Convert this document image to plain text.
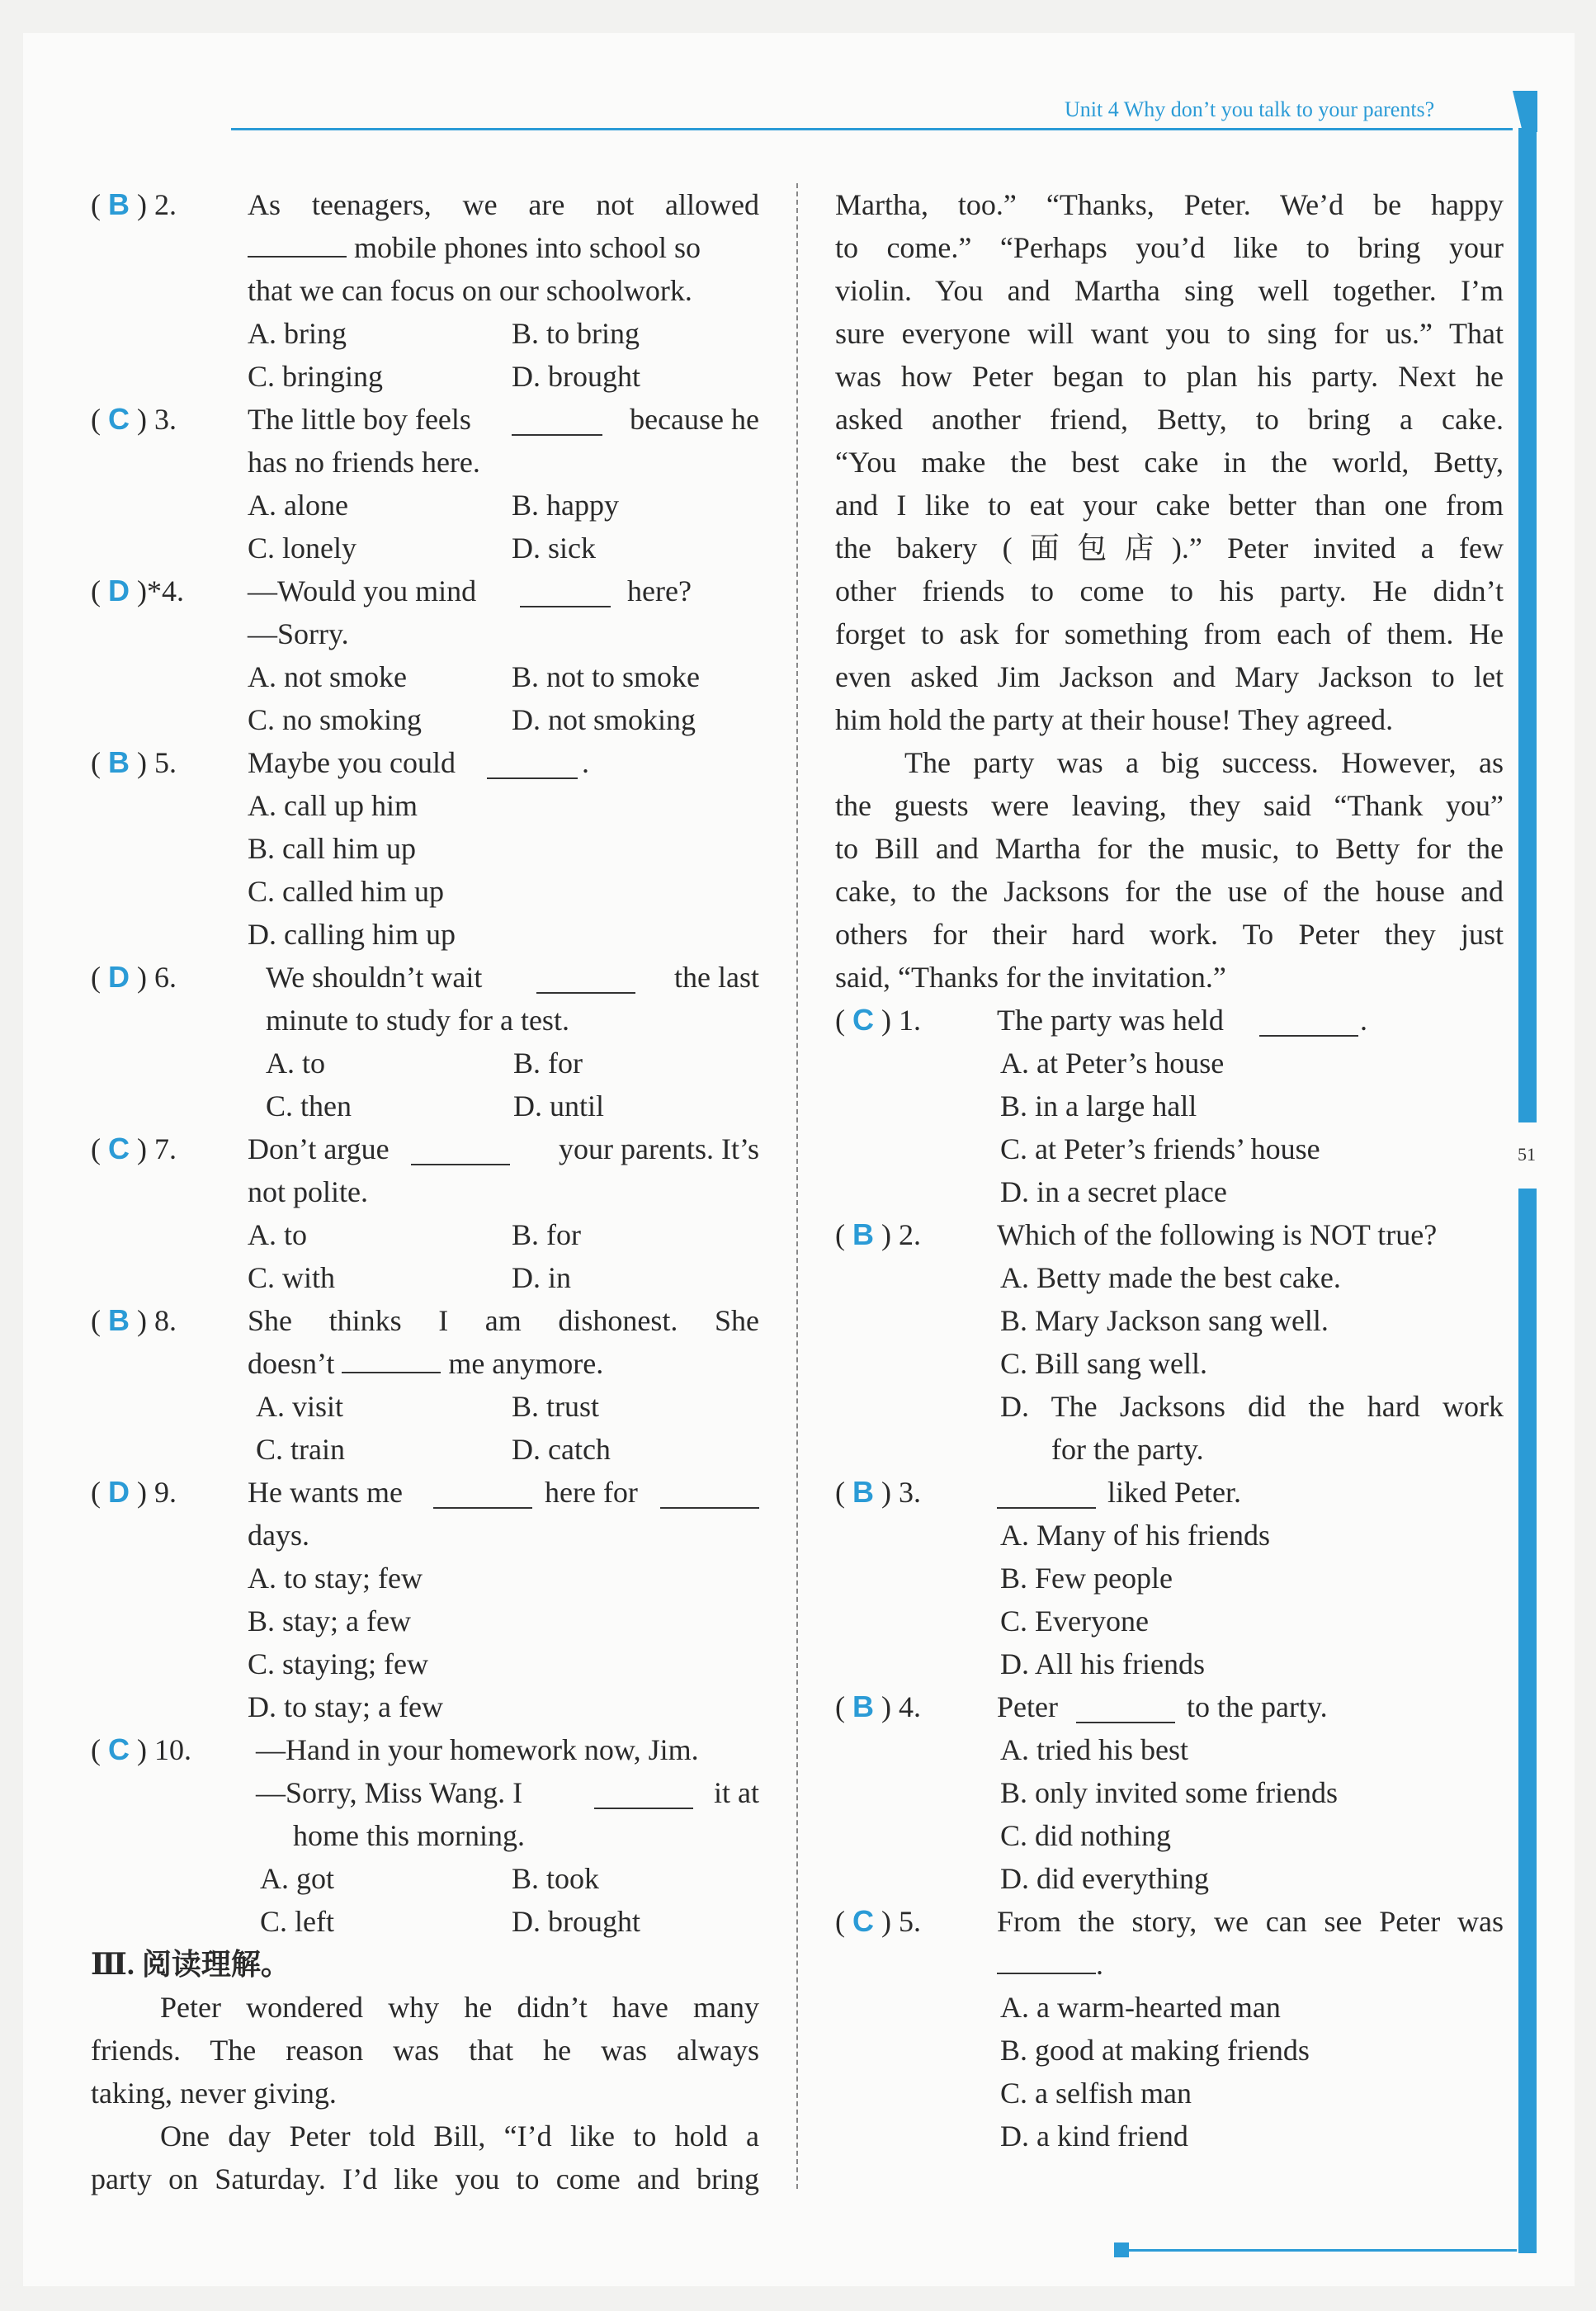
Unit 4 Why don’t you talk to your parents?
51
( B ) 2. As teenagers, we are not allowed
mobile phones into school so
that we can focus on our schoolwork.
A. bring	B. to bring
C. bringing	D. brought
( C ) 3. The little boy feels	because he
has no friends here.
A. alone	B. happy
C. lonely	D. sick
( D )*4. —Would you mind	here?
—Sorry.
A. not smoke	B. not to smoke
C. no smoking	D. not smoking
( B ) 5. Maybe you could	.
A. call up him
B. call him up
C. called him up
D. calling him up
( D ) 6.	We shouldn’t wait	the last
minute to study for a test.
A. to	B. for
C. then	D. until
( C ) 7. Don’t argue	your parents. It’s
not polite.
A. to	B. for
C. with	D. in
( B ) 8. She thinks I am dishonest. She
doesn’t	me anymore.
A. visit	B. trust
C. train	D. catch
( D ) 9. He wants me	here for
days.
A. to stay; few
B. stay; a few
C. staying; few
D. to stay; a few
( C ) 10. —Hand in your homework now, Jim.
—Sorry, Miss Wang. I	it at
home this morning.
A. got	B. took
C. left	D. brought
Ⅲ. 阅读理解。
Peter wondered why he didn’t have many
friends. The reason was that he was always
taking, never giving.
One day Peter told Bill, “I’d like to hold a
party on Saturday. I’d like you to come and bring
Martha, too.” “Thanks, Peter. We’d be happy
to come.” “Perhaps you’d like to bring your
violin. You and Martha sing well together. I’m
sure everyone will want you to sing for us.” That
was how Peter began to plan his party. Next he
asked another friend, Betty, to bring a cake.
“You make the best cake in the world, Betty,
and I like to eat your cake better than one from
the bakery (面包店).” Peter invited a few
other friends to come to his party. He didn’t
forget to ask for something from each of them. He
even asked Jim Jackson and Mary Jackson to let
him hold the party at their house! They agreed.
The party was a big success. However, as
the guests were leaving, they said “Thank you”
to Bill and Martha for the music, to Betty for the
cake, to the Jacksons for the use of the house and
others for their hard work. To Peter they just
said, “Thanks for the invitation.”
( C ) 1.	The party was held	.
A. at Peter’s house
B. in a large hall
C. at Peter’s friends’ house
D. in a secret place
( B ) 2.	Which of the following is NOT true?
A. Betty made the best cake.
B. Mary Jackson sang well.
C. Bill sang well.
D. The Jacksons did the hard work
for the party.
( B ) 3.	liked Peter.
A. Many of his friends
B. Few people
C. Everyone
D. All his friends
( B ) 4.	Peter	to the party.
A. tried his best
B. only invited some friends
C. did nothing
D. did everything
( C ) 5.	From the story, we can see Peter was
.
A. a warm-hearted man
B. good at making friends
C. a selfish man
D. a kind friend
